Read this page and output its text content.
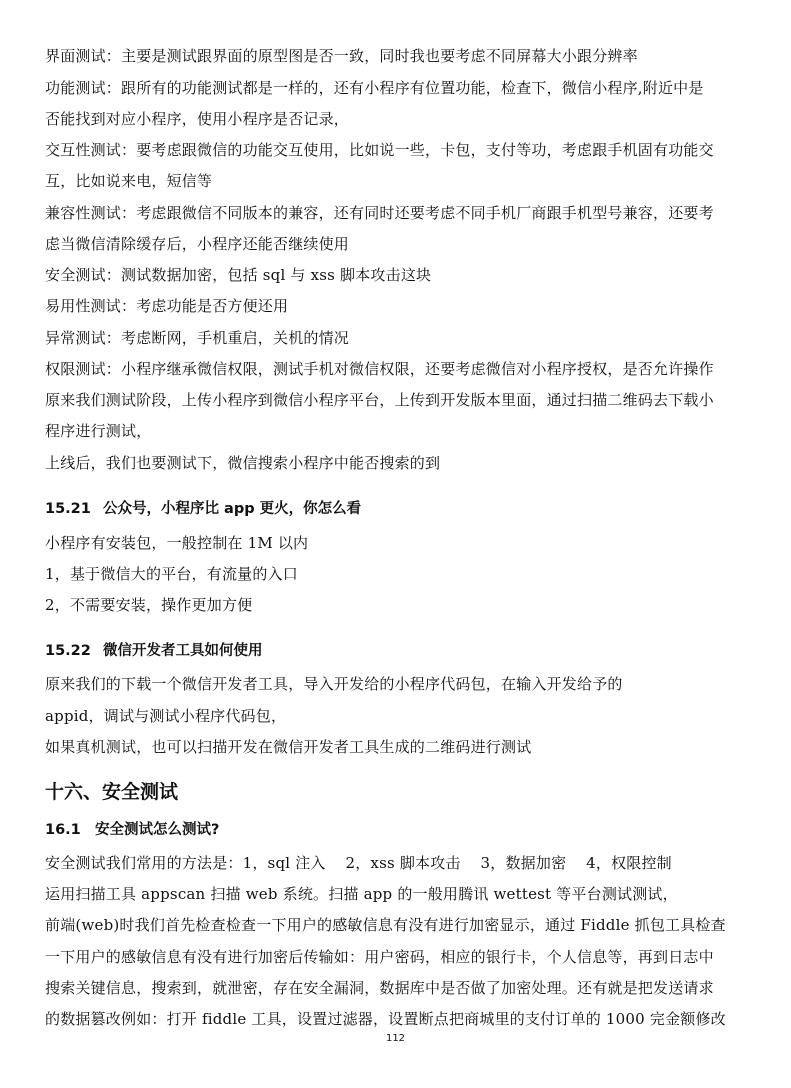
界面测试：主要是测试跟界面的原型图是否一致，同时我也要考虑不同屏幕大小跟分辨率
功能测试：跟所有的功能测试都是一样的，还有小程序有位置功能，检查下，微信小程序,附近中是
否能找到对应小程序，使用小程序是否记录，
交互性测试：要考虑跟微信的功能交互使用，比如说一些，卡包，支付等功，考虑跟手机固有功能交
互，比如说来电，短信等
兼容性测试：考虑跟微信不同版本的兼容，还有同时还要考虑不同手机厂商跟手机型号兼容，还要考
虑当微信清除缓存后，小程序还能否继续使用
安全测试：测试数据加密，包括 sql 与 xss 脚本攻击这块
易用性测试：考虑功能是否方便还用
异常测试：考虑断网，手机重启，关机的情况
权限测试：小程序继承微信权限，测试手机对微信权限，还要考虑微信对小程序授权，是否允许操作
原来我们测试阶段，上传小程序到微信小程序平台，上传到开发版本里面，通过扫描二维码去下载小
程序进行测试，
上线后，我们也要测试下，微信搜索小程序中能否搜索的到
15.21 公众号，小程序比 app 更火，你怎么看
小程序有安装包，一般控制在 1M 以内
1，基于微信大的平台，有流量的入口
2，不需要安装，操作更加方便
15.22 微信开发者工具如何使用
原来我们的下载一个微信开发者工具，导入开发给的小程序代码包，在输入开发给予的
appid，调试与测试小程序代码包，
如果真机测试，也可以扫描开发在微信开发者工具生成的二维码进行测试
十六、安全测试
16.1 安全测试怎么测试?
安全测试我们常用的方法是：1，sql 注入    2，xss 脚本攻击    3，数据加密    4，权限控制
运用扫描工具 appscan 扫描 web 系统。扫描 app 的一般用腾讯 wettest 等平台测试测试，
前端(web)时我们首先检查检查一下用户的感敏信息有没有进行加密显示，通过 Fiddle 抓包工具检查
一下用户的感敏信息有没有进行加密后传输如：用户密码，相应的银行卡，个人信息等，再到日志中
搜索关键信息，搜索到，就泄密，存在安全漏洞，数据库中是否做了加密处理。还有就是把发送请求
的数据篡改例如：打开 fiddle 工具，设置过滤器，设置断点把商城里的支付订单的 1000 完金额修改
112
